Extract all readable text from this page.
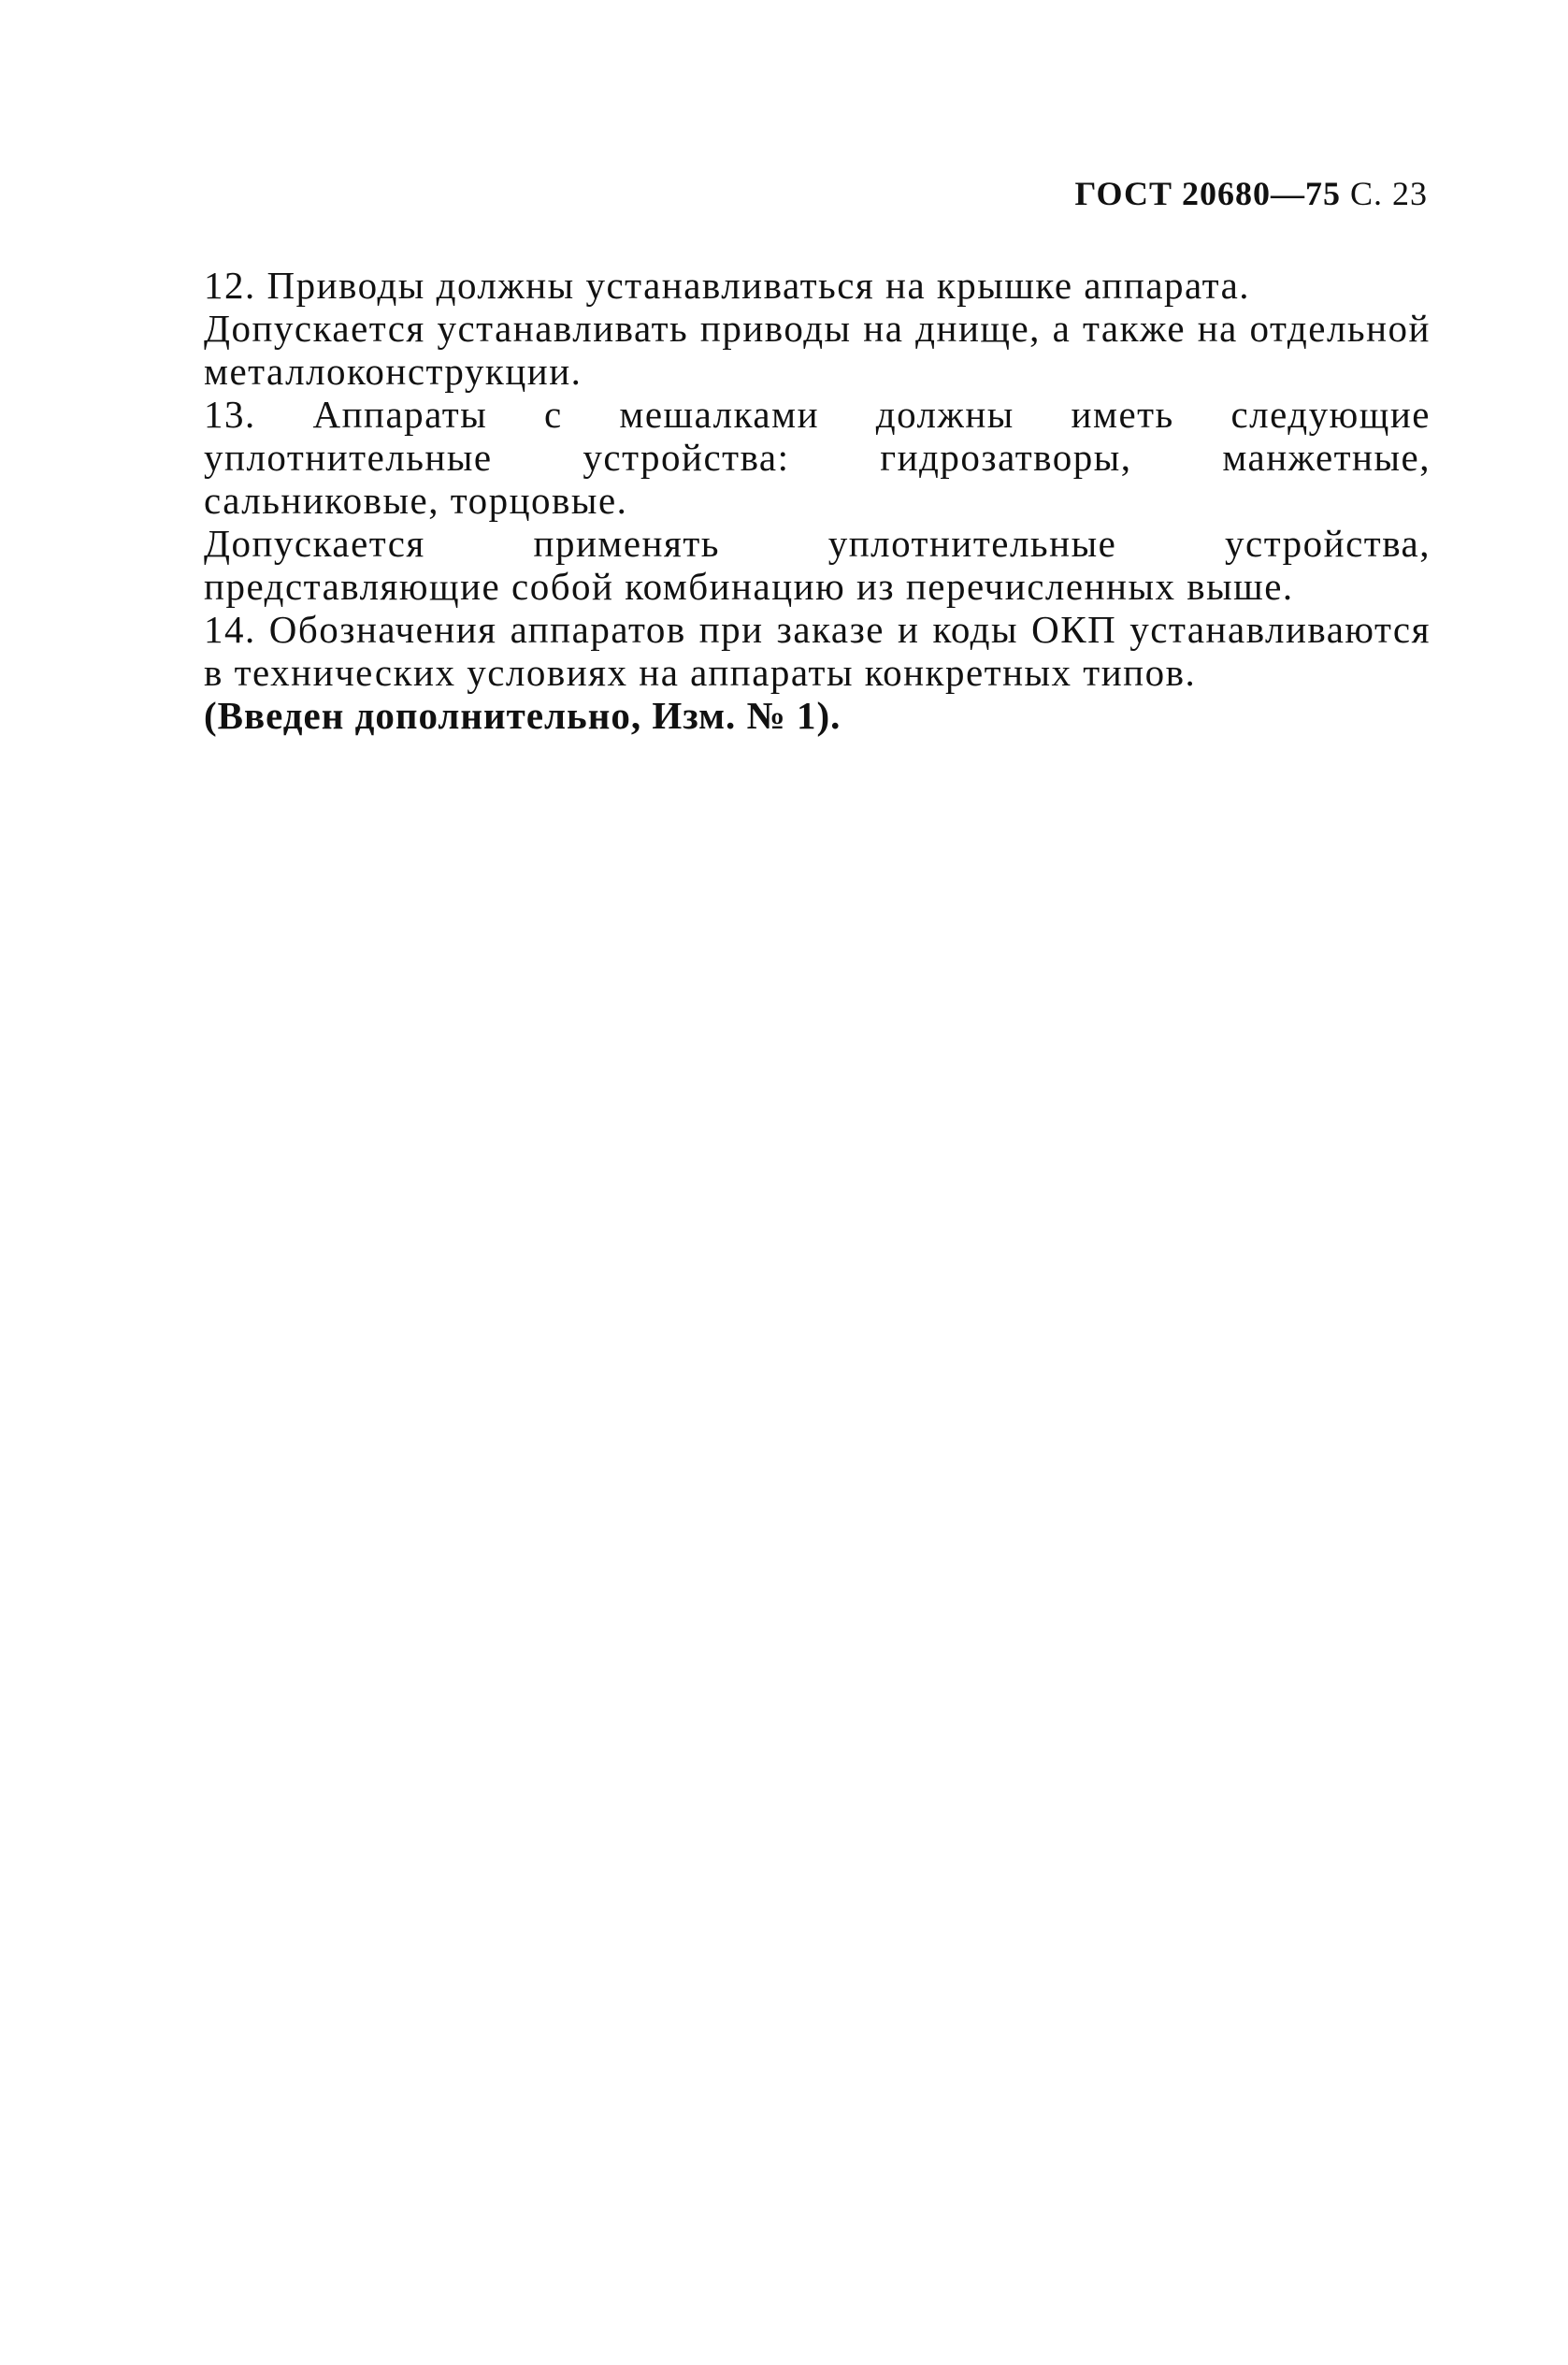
ГОСТ 20680—75 С. 23

12. Приводы должны устанавливаться на крышке аппарата.

Допускается устанавливать приводы на днище, а также на отдельной металлоконструкции.

13. Аппараты с мешалками должны иметь следующие уплотнительные устройства: гидрозатворы, манжетные, сальниковые, торцовые.

Допускается применять уплотнительные устройства, представляющие собой комбинацию из перечисленных выше.

14. Обозначения аппаратов при заказе и коды ОКП устанавливаются в технических условиях на аппараты конкретных типов.

(Введен дополнительно, Изм. № 1).
